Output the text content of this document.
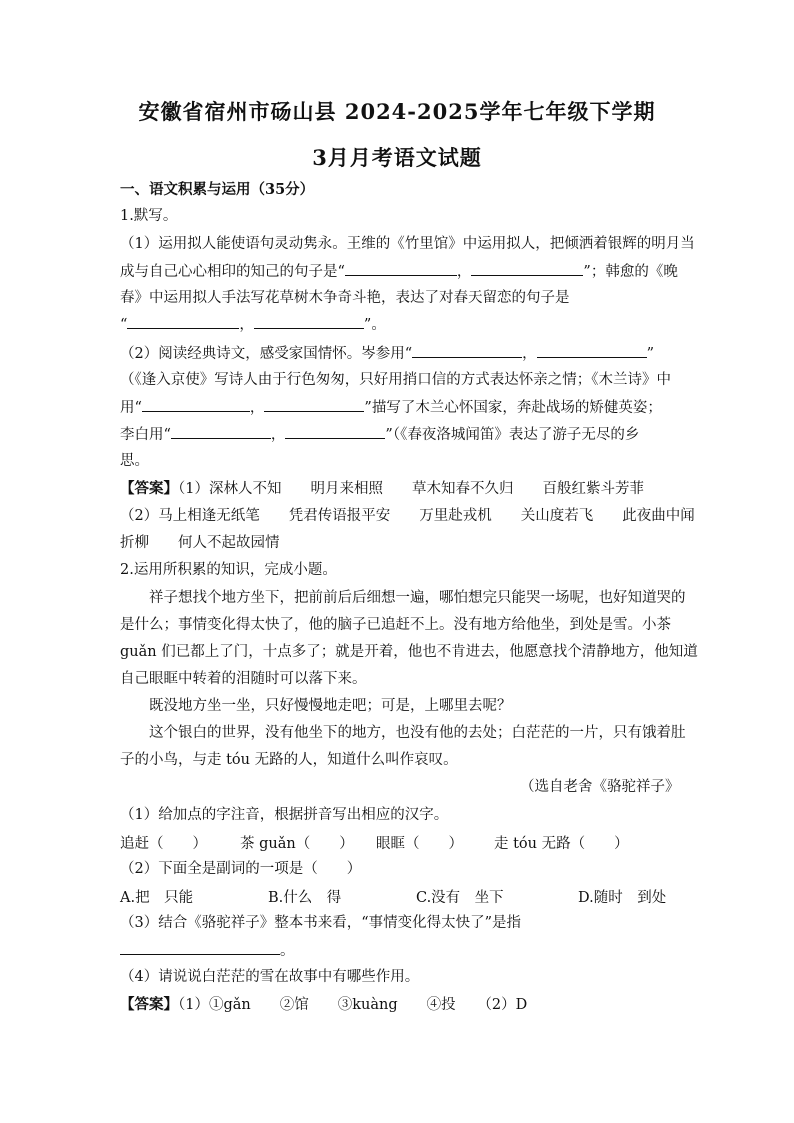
安徽省宿州市砀山县 2024-2025学年七年级下学期
3月月考语文试题
一、语文积累与运用（35分）
1.默写。
（1）运用拟人能使语句灵动隽永。王维的《竹里馆》中运用拟人，把倾洒着银辉的明月当
成与自己心心相印的知己的句子是“	，	”；韩愈的《晚
春》中运用拟人手法写花草树木争奇斗艳，表达了对春天留恋的句子是
“	，	”。
（2）阅读经典诗文，感受家国情怀。岑参用“	，	”
（《逢入京使》写诗人由于行色匆匆，只好用捎口信的方式表达怀亲之情；《木兰诗》中
用“	，	”描写了木兰心怀国家，奔赴战场的矫健英姿；
李白用“	，	”（《春夜洛城闻笛》表达了游子无尽的乡
思。
【答案】（1）深林人不知　　明月来相照　　草木知春不久归　　百般红紫斗芳菲
（2）马上相逢无纸笔　　凭君传语报平安　　万里赴戎机　　关山度若飞　　此夜曲中闻
折柳　　何人不起故园情
2.运用所积累的知识，完成小题。
祥子想找个地方坐下，把前前后后细想一遍，哪怕想完只能哭一场呢，也好知道哭的
是什么；事情变化得太快了，他的脑子已追赶不上。没有地方给他坐，到处是雪。小茶
guǎn 们已都上了门，十点多了；就是开着，他也不肯进去，他愿意找个清静地方，他知道
自己眼眶中转着的泪随时可以落下来。
既没地方坐一坐，只好慢慢地走吧；可是，上哪里去呢？
这个银白的世界，没有他坐下的地方，也没有他的去处；白茫茫的一片，只有饿着肚
子的小鸟，与走 tóu 无路的人，知道什么叫作哀叹。
（选自老舍《骆驼祥子》
（1）给加点的字注音，根据拼音写出相应的汉字。
追赶（　　） 茶 guǎn（　　） 眼眶（　　） 走 tóu 无路（　　）
（2）下面全是副词的一项是（　　）
A.把　只能	B.什么　得	C.没有　坐下	D.随时　到处
（3）结合《骆驼祥子》整本书来看，“事情变化得太快了”是指
。
（4）请说说白茫茫的雪在故事中有哪些作用。
【答案】（1）①gǎn　　②馆　　③kuàng　　④投　　（2）D
